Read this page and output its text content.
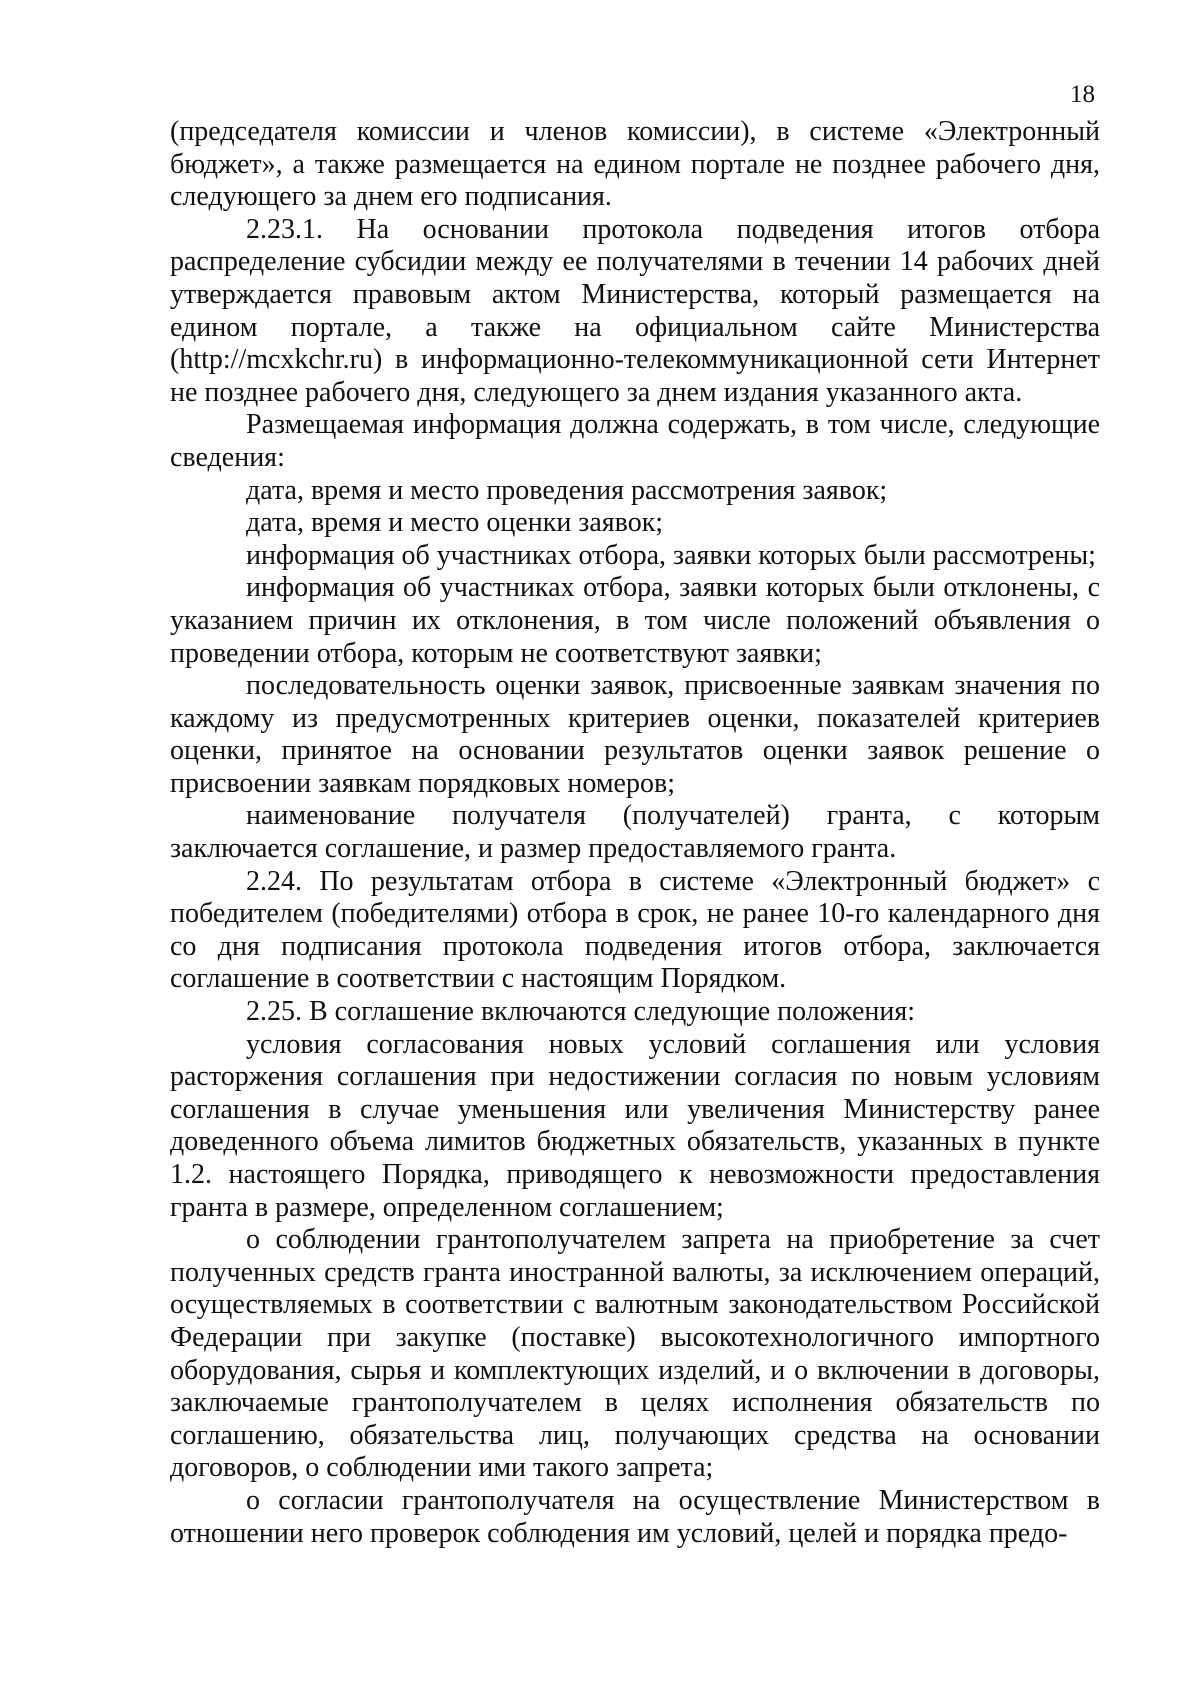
18

(председателя комиссии и членов комиссии), в системе «Электронный бюджет», а также размещается на едином портале не позднее рабочего дня, следующего за днем его подписания.

2.23.1. На основании протокола подведения итогов отбора распределение субсидии между ее получателями в течении 14 рабочих дней утверждается правовым актом Министерства, который размещается на едином портале, а также на официальном сайте Министерства (http://mcxkchr.ru) в информационно-телекоммуникационной сети Интернет не позднее рабочего дня, следующего за днем издания указанного акта.

Размещаемая информация должна содержать, в том числе, следующие сведения:

дата, время и место проведения рассмотрения заявок;

дата, время и место оценки заявок;

информация об участниках отбора, заявки которых были рассмотрены;

информация об участниках отбора, заявки которых были отклонены, с указанием причин их отклонения, в том числе положений объявления о проведении отбора, которым не соответствуют заявки;

последовательность оценки заявок, присвоенные заявкам значения по каждому из предусмотренных критериев оценки, показателей критериев оценки, принятое на основании результатов оценки заявок решение о присвоении заявкам порядковых номеров;

наименование получателя (получателей) гранта, с которым заключается соглашение, и размер предоставляемого гранта.

2.24. По результатам отбора в системе «Электронный бюджет» с победителем (победителями) отбора в срок, не ранее 10-го календарного дня со дня подписания протокола подведения итогов отбора, заключается соглашение в соответствии с настоящим Порядком.

2.25. В соглашение включаются следующие положения:

условия согласования новых условий соглашения или условия расторжения соглашения при недостижении согласия по новым условиям соглашения в случае уменьшения или увеличения Министерству ранее доведенного объема лимитов бюджетных обязательств, указанных в пункте 1.2. настоящего Порядка, приводящего к невозможности предоставления гранта в размере, определенном соглашением;

о соблюдении грантополучателем запрета на приобретение за счет полученных средств гранта иностранной валюты, за исключением операций, осуществляемых в соответствии с валютным законодательством Российской Федерации при закупке (поставке) высокотехнологичного импортного оборудования, сырья и комплектующих изделий, и о включении в договоры, заключаемые грантополучателем в целях исполнения обязательств по соглашению, обязательства лиц, получающих средства на основании договоров, о соблюдении ими такого запрета;

о согласии грантополучателя на осуществление Министерством в отношении него проверок соблюдения им условий, целей и порядка предо-
